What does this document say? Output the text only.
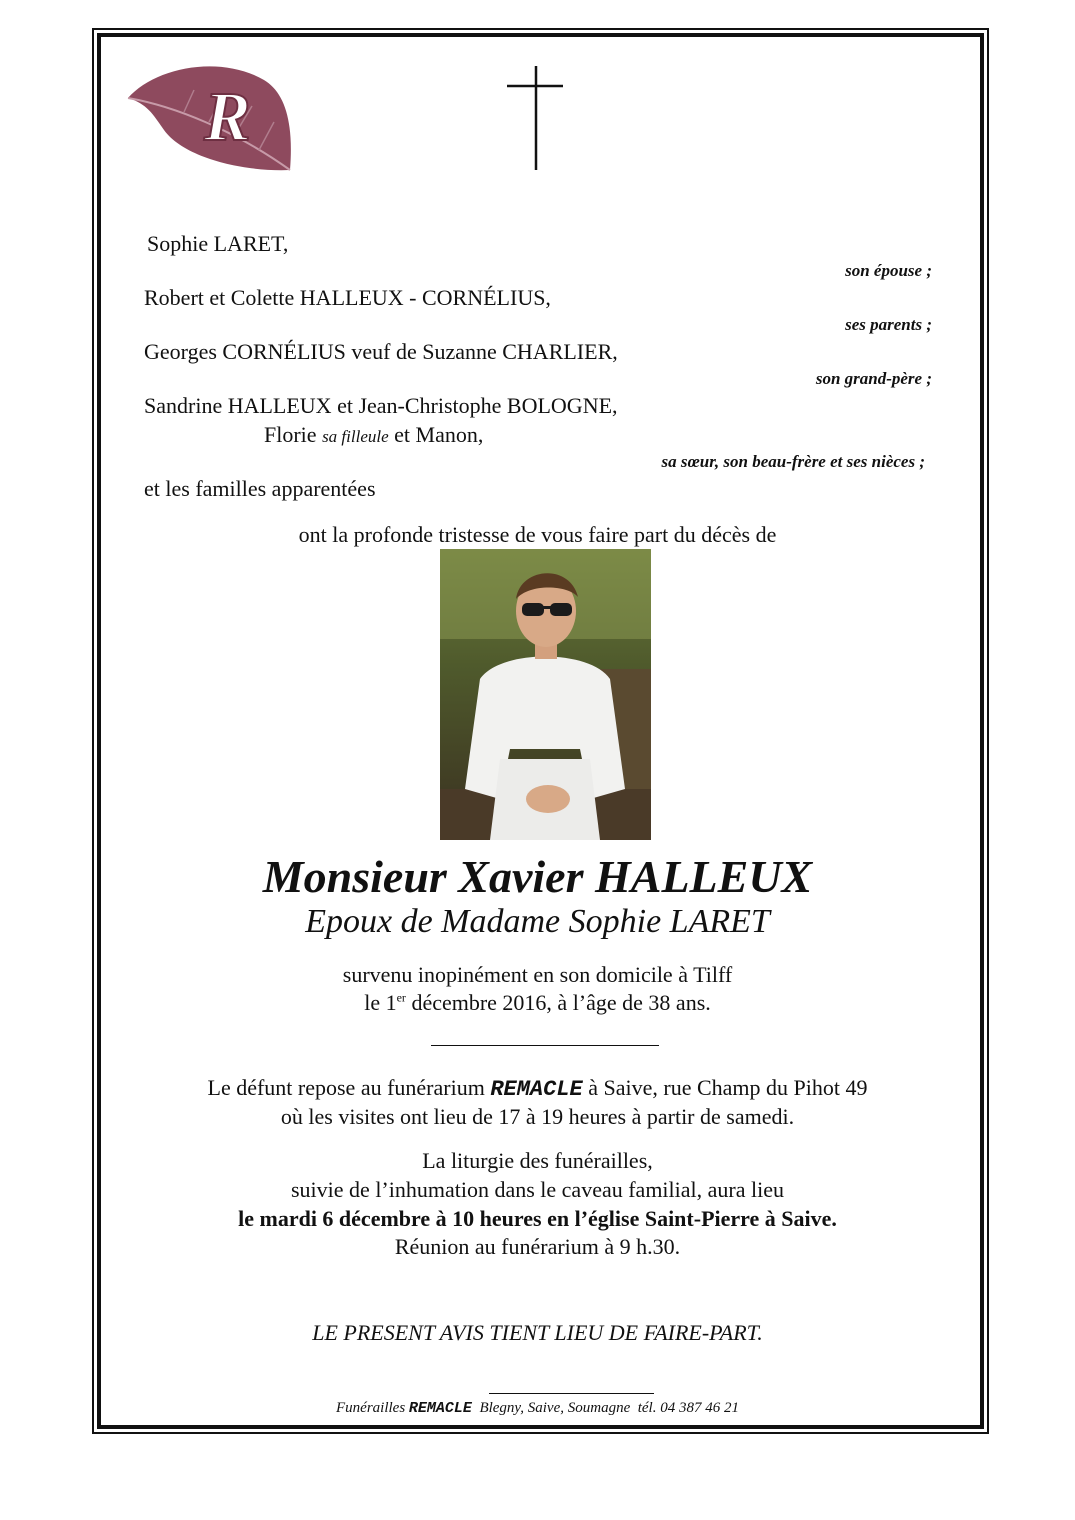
R
Sophie LARET,
son épouse ;
Robert et Colette HALLEUX - CORNÉLIUS,
ses parents ;
Georges CORNÉLIUS veuf de Suzanne CHARLIER,
son grand-père ;
Sandrine HALLEUX et Jean-Christophe BOLOGNE,
Florie sa filleule et Manon,
sa sœur, son beau-frère et ses nièces ;
et les familles apparentées
ont la profonde tristesse de vous faire part du décès de
Monsieur Xavier HALLEUX
Epoux de Madame Sophie LARET
survenu inopinément en son domicile à Tilff
le 1er décembre 2016, à l’âge de 38 ans.
Le défunt repose au funérarium REMACLE à Saive, rue Champ du Pihot 49
où les visites ont lieu de 17 à 19 heures à partir de samedi.
La liturgie des funérailles,
suivie de l’inhumation dans le caveau familial, aura lieu
le mardi 6 décembre à 10 heures en l’église Saint-Pierre à Saive.
Réunion au funérarium à 9 h.30.
LE PRESENT AVIS TIENT LIEU DE FAIRE-PART.
Funérailles REMACLE  Blegny, Saive, Soumagne  tél. 04 387 46 21
